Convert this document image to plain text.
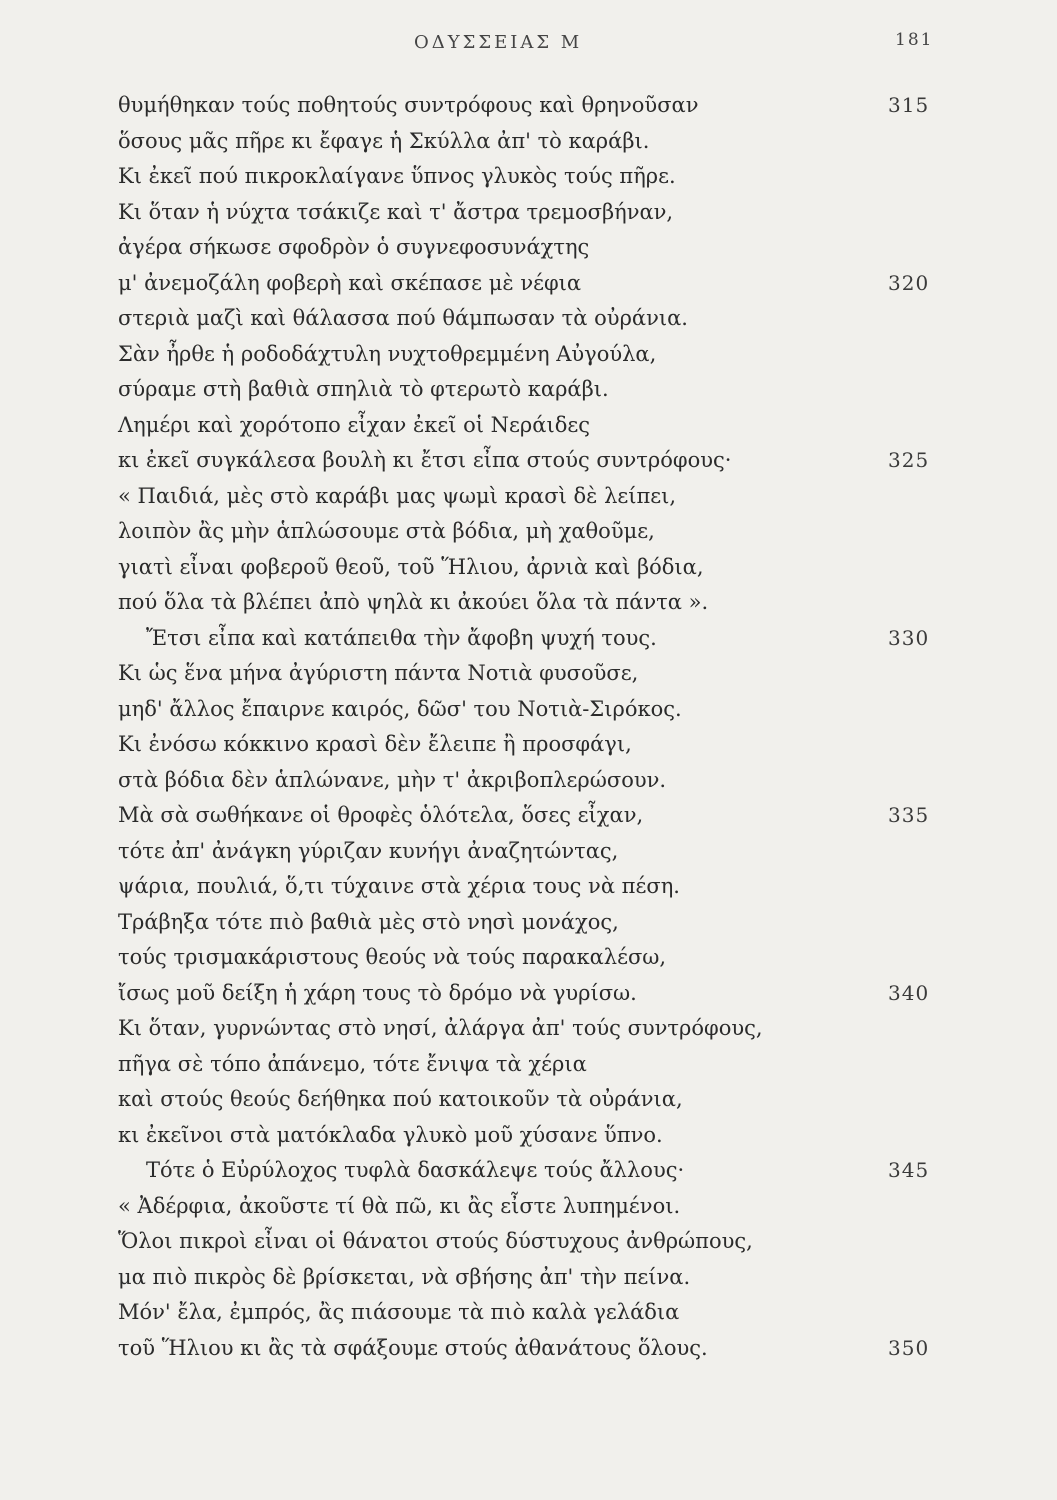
ΟΔΥΣΣΕΙΑΣ Μ	181
θυμήθηκαν τούς ποθητούς συντρόφους καὶ θρηνοῦσαν	315
ὅσους μᾶς πῆρε κι ἔφαγε ἡ Σκύλλα ἀπ' τὸ καράβι.
Κι ἐκεῖ πού πικροκλαίγανε ὕπνος γλυκὸς τούς πῆρε.
Κι ὅταν ἡ νύχτα τσάκιζε καὶ τ' ἄστρα τρεμοσβήναν,
ἀγέρα σήκωσε σφοδρὸν ὁ συγνεφοσυνάχτης
μ' ἀνεμοζάλη φοβερὴ καὶ σκέπασε μὲ νέφια	320
στεριὰ μαζὶ καὶ θάλασσα πού θάμπωσαν τὰ οὐράνια.
Σὰν ἦρθε ἡ ροδοδάχτυλη νυχτοθρεμμένη Αὐγούλα,
σύραμε στὴ βαθιὰ σπηλιὰ τὸ φτερωτὸ καράβι.
Λημέρι καὶ χορότοπο εἶχαν ἐκεῖ οἱ Νεράιδες
κι ἐκεῖ συγκάλεσα βουλὴ κι ἔτσι εἶπα στούς συντρόφους·	325
« Παιδιά, μὲς στὸ καράβι μας ψωμὶ κρασὶ δὲ λείπει,
λοιπὸν ἂς μὴν ἁπλώσουμε στὰ βόδια, μὴ χαθοῦμε,
γιατὶ εἶναι φοβεροῦ θεοῦ, τοῦ Ἥλιου, ἀρνιὰ καὶ βόδια,
πού ὅλα τὰ βλέπει ἀπὸ ψηλὰ κι ἀκούει ὅλα τὰ πάντα ».
Ἔτσι εἶπα καὶ κατάπειθα τὴν ἄφοβη ψυχή τους.	330
Κι ὡς ἕνα μήνα ἀγύριστη πάντα Νοτιὰ φυσοῦσε,
μηδ' ἄλλος ἔπαιρνε καιρός, δῶσ' του Νοτιὰ-Σιρόκος.
Κι ἐνόσω κόκκινο κρασὶ δὲν ἔλειπε ἢ προσφάγι,
στὰ βόδια δὲν ἁπλώνανε, μὴν τ' ἀκριβοπλερώσουν.
Μὰ σὰ σωθήκανε οἱ θροφὲς ὁλότελα, ὅσες εἶχαν,	335
τότε ἀπ' ἀνάγκη γύριζαν κυνήγι ἀναζητώντας,
ψάρια, πουλιά, ὅ,τι τύχαινε στὰ χέρια τους νὰ πέση.
Τράβηξα τότε πιὸ βαθιὰ μὲς στὸ νησὶ μονάχος,
τούς τρισμακάριστους θεούς νὰ τούς παρακαλέσω,
ἴσως μοῦ δείξη ἡ χάρη τους τὸ δρόμο νὰ γυρίσω.	340
Κι ὅταν, γυρνώντας στὸ νησί, ἀλάργα ἀπ' τούς συντρόφους,
πῆγα σὲ τόπο ἀπάνεμο, τότε ἔνιψα τὰ χέρια
καὶ στούς θεούς δεήθηκα πού κατοικοῦν τὰ οὐράνια,
κι ἐκεῖνοι στὰ ματόκλαδα γλυκὸ μοῦ χύσανε ὕπνο.
Τότε ὁ Εὐρύλοχος τυφλὰ δασκάλεψε τούς ἄλλους·	345
« Ἀδέρφια, ἀκοῦστε τί θὰ πῶ, κι ἂς εἶστε λυπημένοι.
Ὅλοι πικροὶ εἶναι οἱ θάνατοι στούς δύστυχους ἀνθρώπους,
μα πιὸ πικρὸς δὲ βρίσκεται, νὰ σβήσης ἀπ' τὴν πείνα.
Μόν' ἔλα, ἐμπρός, ἂς πιάσουμε τὰ πιὸ καλὰ γελάδια
τοῦ Ἥλιου κι ἂς τὰ σφάξουμε στούς ἀθανάτους ὅλους.	350
